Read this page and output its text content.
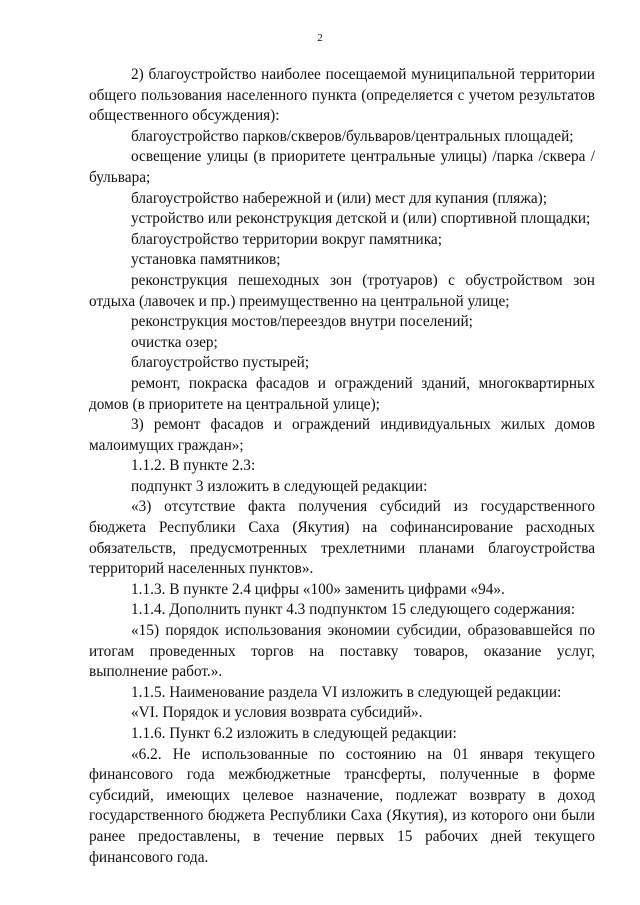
2

2) благоустройство наиболее посещаемой муниципальной территории общего пользования населенного пункта (определяется с учетом результатов общественного обсуждения):

благоустройство парков/скверов/бульваров/центральных площадей;

освещение улицы (в приоритете центральные улицы) /парка /сквера /бульвара;

благоустройство набережной и (или) мест для купания (пляжа);

устройство или реконструкция детской и (или) спортивной площадки;

благоустройство территории вокруг памятника;

установка памятников;

реконструкция пешеходных зон (тротуаров) с обустройством зон отдыха (лавочек и пр.) преимущественно на центральной улице;

реконструкция мостов/переездов внутри поселений;

очистка озер;

благоустройство пустырей;

ремонт, покраска фасадов и ограждений зданий, многоквартирных домов (в приоритете на центральной улице);

3) ремонт фасадов и ограждений индивидуальных жилых домов малоимущих граждан»;

1.1.2. В пункте 2.3:

подпункт 3 изложить в следующей редакции:

«3) отсутствие факта получения субсидий из государственного бюджета Республики Саха (Якутия) на софинансирование расходных обязательств, предусмотренных трехлетними планами благоустройства территорий населенных пунктов».

1.1.3. В пункте 2.4 цифры «100» заменить цифрами «94».

1.1.4. Дополнить пункт 4.3 подпунктом 15 следующего содержания:

«15) порядок использования экономии субсидии, образовавшейся по итогам проведенных торгов на поставку товаров, оказание услуг, выполнение работ.».

1.1.5. Наименование раздела VI изложить в следующей редакции:

«VI. Порядок и условия возврата субсидий».

1.1.6. Пункт 6.2 изложить в следующей редакции:

«6.2. Не использованные по состоянию на 01 января текущего финансового года межбюджетные трансферты, полученные в форме субсидий, имеющих целевое назначение, подлежат возврату в доход государственного бюджета Республики Саха (Якутия), из которого они были ранее предоставлены, в течение первых 15 рабочих дней текущего финансового года.
